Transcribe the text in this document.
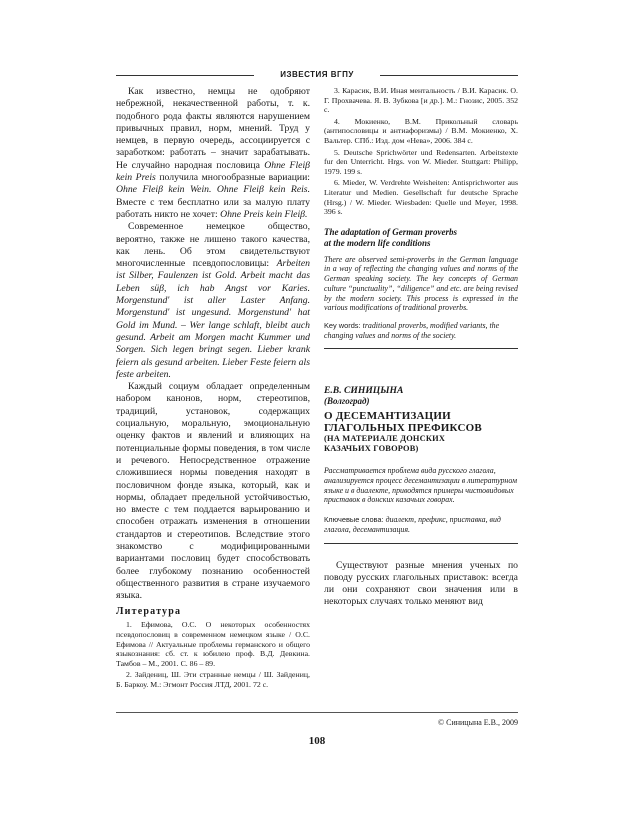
ИЗВЕСТИЯ ВГПУ

Как известно, немцы не одобряют небрежной, некачественной работы, т. к. подобного рода факты являются нарушением привычных правил, норм, мнений. Труд у немцев, в первую очередь, ассоциируется с заработком: работать – значит зарабатывать. Не случайно народная пословица Ohne Fleiβ kein Preis получила многообразные вариации: Ohne Fleiβ kein Wein. Ohne Fleiβ kein Reis. Вместе с тем бесплатно или за малую плату работать никто не хочет: Ohne Preis kein Fleiβ.

Современное немецкое общество, вероятно, также не лишено такого качества, как лень. Об этом свидетельствуют многочисленные псевдопословицы: Arbeiten ist Silber, Faulenzen ist Gold. Arbeit macht das Leben süβ, ich hab Angst vor Karies. Morgenstund' ist aller Laster Anfang. Morgenstund' ist ungesund. Morgenstund' hat Gold im Mund. – Wer lange schlaft, bleibt auch gesund. Arbeit am Morgen macht Kummer und Sorgen. Sich legen bringt segen. Lieber krank feiern als gesund arbeiten. Lieber Feste feiern als feste arbeiten.

Каждый социум обладает определенным набором канонов, норм, стереотипов, традиций, установок, содержащих социальную, моральную, эмоциональную оценку фактов и явлений и влияющих на потенциальные формы поведения, в том числе и речевого. Непосредственное отражение сложившиеся нормы поведения находят в пословичном фонде языка, который, как и нормы, обладает предельной устойчивостью, но вместе с тем поддается варьированию и способен отражать изменения в отношении стандартов и стереотипов. Вследствие этого знакомство с модифицированными вариантами пословиц будет способствовать более глубокому познанию особенностей общественного развития в стране изучаемого языка.

Литература
1. Ефимова, О.С. О некоторых особенностях псевдопословиц в современном немецком языке / О.С. Ефимова // Актуальные проблемы германского и общего языкознания: сб. ст. к юбилею проф. В.Д. Девкина. Тамбов – М., 2001. С. 86 – 89.
2. Зайдениц, Ш. Эти странные немцы / Ш. Зайдениц, Б. Баркоу. М.: Эгмонт Россия ЛТД, 2001. 72 с.
3. Карасик, В.И. Иная ментальность / В.И. Карасик. О. Г. Прохвачева. Я. В. Зубкова [и др.]. М.: Гнозис, 2005. 352 с.
4. Мокиенко, В.М. Прикольный словарь (антипословицы и антиафоризмы) / В.М. Мокиенко, Х. Вальтер. СПб.: Изд. дом «Нева», 2006. 384 с.
5. Deutsche Sprichwörter und Redensarten. Arbeitstexte fur den Unterricht. Hrgs. von W. Mieder. Stuttgart: Philipp, 1979. 199 s.
6. Mieder, W. Verdrehte Weisheiten: Antisprichworter aus Literatur und Medien. Gesellschaft fur deutsche Sprache (Hrsg.) / W. Mieder. Wiesbaden: Quelle und Meyer, 1998. 396 s.
The adaptation of German proverbs
at the modern life conditions
There are observed semi-proverbs in the German language in a way of reflecting the changing values and norms of the German speaking society. The key concepts of German culture “punctuality”, “diligence” and etc. are being revised by the modern society. This process is expressed in the various modifications of traditional proverbs.
Key words: traditional proverbs, modified variants, the changing values and norms of the society.
Е.В. СИНИЦЫНА
(Волгоград)
О ДЕСЕМАНТИЗАЦИИ
ГЛАГОЛЬНЫХ ПРЕФИКСОВ
(НА МАТЕРИАЛЕ ДОНСКИХ
КАЗАЧЬИХ ГОВОРОВ)
Рассматривается проблема вида русского глагола, анализируется процесс десемантизации в литературном языке и в диалекте, приводятся примеры чистовидовых приставок в донских казачьих говорах.
Ключевые слова: диалект, префикс, приставка, вид глагола, десемантизация.

Существуют разные мнения ученых по поводу русских глагольных приставок: всегда ли они сохраняют свои значения или в некоторых случаях только меняют вид

© Синицына Е.В., 2009
108
